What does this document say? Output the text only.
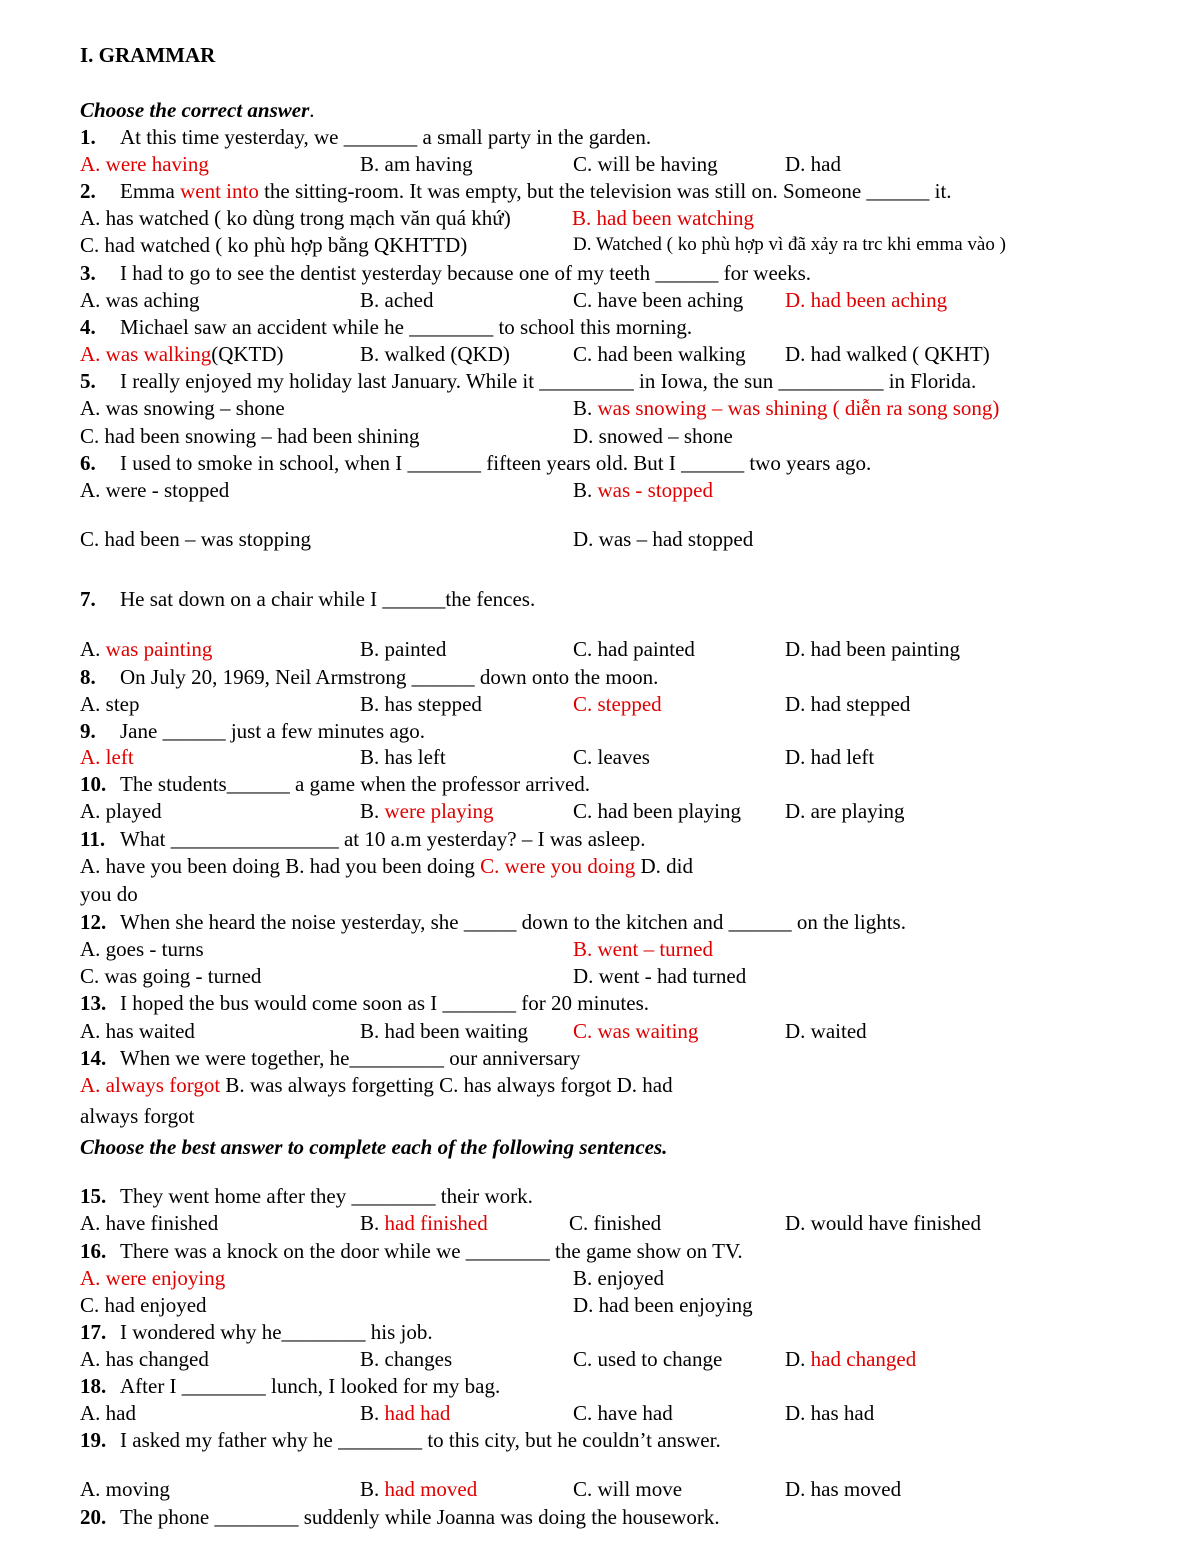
I. GRAMMAR
Choose the correct answer.
1. At this time yesterday, we _______ a small party in the garden.
A. were having	B. am having	C. will be having	D. had
2. Emma went into the sitting-room. It was empty, but the television was still on. Someone ______ it.
A. has watched ( ko dùng trong mạch văn quá khứ)	B. had been watching
C. had watched ( ko phù hợp bằng QKHTTD)	D. Watched ( ko phù hợp vì đã xảy ra trc khi emma vào )
3. I had to go to see the dentist yesterday because one of my teeth ______ for weeks.
A. was aching	B. ached	C. have been aching D. had been aching
4. Michael saw an accident while he ________ to school this morning.
A. was walking(QKTD)	B. walked (QKD)	C. had been walking D. had walked ( QKHT)
5. I really enjoyed my holiday last January. While it _________ in Iowa, the sun __________ in Florida.
A. was snowing – shone	B. was snowing – was shining ( diễn ra song song)
C. had been snowing – had been shining	D. snowed – shone
6. I used to smoke in school, when I _______ fifteen years old. But I ______ two years ago.
A. were - stopped	B. was - stopped
C. had been – was stopping	D. was – had stopped
7. He sat down on a chair while I ______the fences.
A. was painting	B. painted	C. had painted	D. had been painting
8. On July 20, 1969, Neil Armstrong ______ down onto the moon.
A. step	B. has stepped	C. stepped	D. had stepped
9. Jane ______ just a few minutes ago.
A. left	B. has left	C. leaves	D. had left
10. The students______ a game when the professor arrived.
A. played	B. were playing	C. had been playing D. are playing
11. What ________________ at 10 a.m yesterday? – I was asleep.
A. have you been doing B. had you been doing C. were you doing D. did
you do
12. When she heard the noise yesterday, she _____ down to the kitchen and ______ on the lights.
A. goes - turns	B. went – turned
C. was going - turned	D. went - had turned
13. I hoped the bus would come soon as I _______ for 20 minutes.
A. has waited	B. had been waiting C. was waiting	D. waited
14. When we were together, he_________ our anniversary
A. always forgot B. was always forgetting C. has always forgot D. had
always forgot
Choose the best answer to complete each of the following sentences.
15. They went home after they ________ their work.
A. have finished	B. had finished	C. finished	D. would have finished
16. There was a knock on the door while we ________ the game show on TV.
A. were enjoying	B. enjoyed
C. had enjoyed	D. had been enjoying
17. I wondered why he________ his job.
A. has changed	B. changes	C. used to change	D. had changed
18. After I ________ lunch, I looked for my bag.
A. had	B. had had	C. have had	D. has had
19. I asked my father why he ________ to this city, but he couldn’t answer.
A. moving	B. had moved	C. will move	D. has moved
20. The phone ________ suddenly while Joanna was doing the housework.
